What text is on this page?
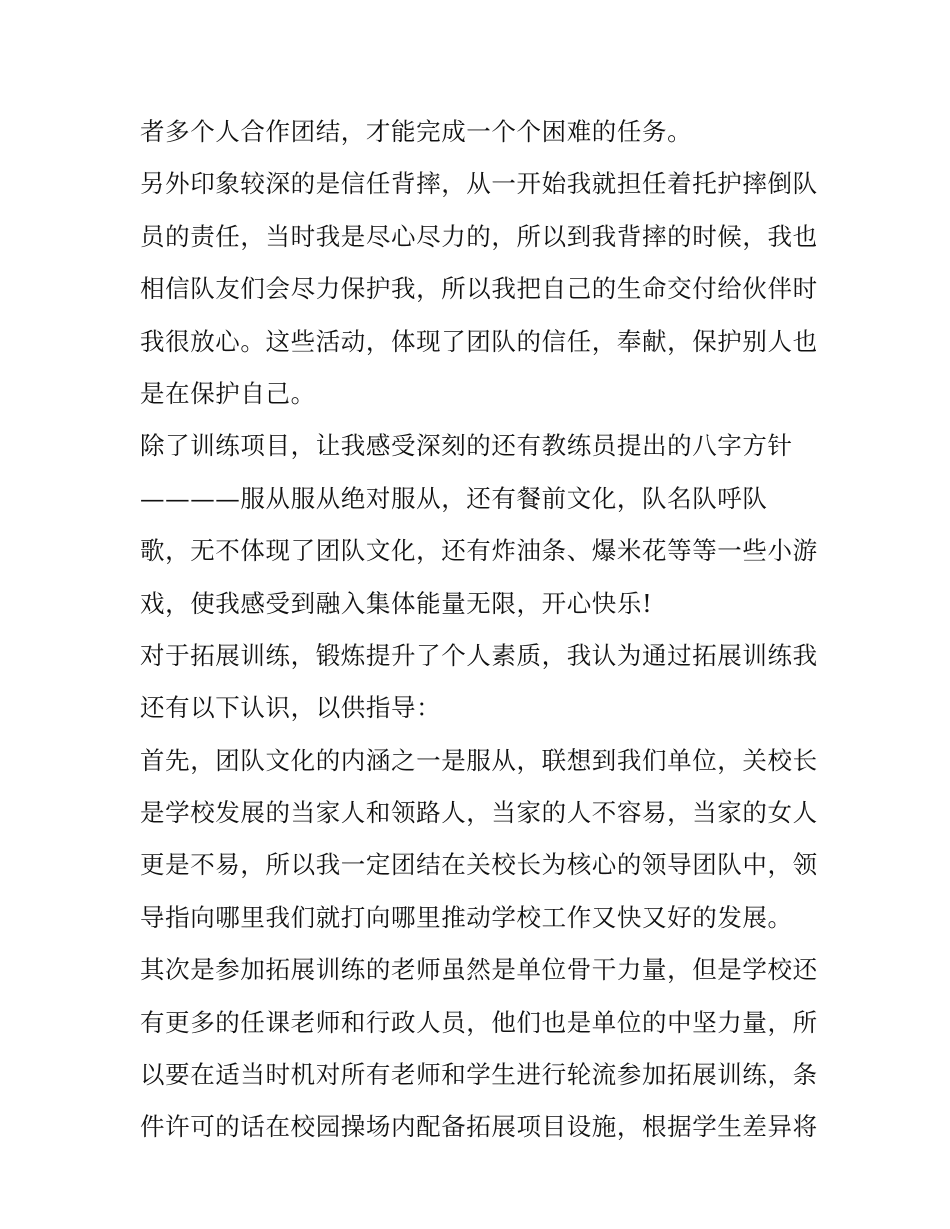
者多个人合作团结，才能完成一个个困难的任务。
另外印象较深的是信任背摔，从一开始我就担任着托护摔倒队
员的责任，当时我是尽心尽力的，所以到我背摔的时候，我也
相信队友们会尽力保护我，所以我把自己的生命交付给伙伴时
我很放心。这些活动，体现了团队的信任，奉献，保护别人也
是在保护自己。
除了训练项目，让我感受深刻的还有教练员提出的八字方针
————服从服从绝对服从，还有餐前文化，队名队呼队
歌，无不体现了团队文化，还有炸油条、爆米花等等一些小游
戏，使我感受到融入集体能量无限，开心快乐!
对于拓展训练，锻炼提升了个人素质，我认为通过拓展训练我
还有以下认识，以供指导：
首先，团队文化的内涵之一是服从，联想到我们单位，关校长
是学校发展的当家人和领路人，当家的人不容易，当家的女人
更是不易，所以我一定团结在关校长为核心的领导团队中，领
导指向哪里我们就打向哪里推动学校工作又快又好的发展。
其次是参加拓展训练的老师虽然是单位骨干力量，但是学校还
有更多的任课老师和行政人员，他们也是单位的中坚力量，所
以要在适当时机对所有老师和学生进行轮流参加拓展训练，条
件许可的话在校园操场内配备拓展项目设施，根据学生差异将
